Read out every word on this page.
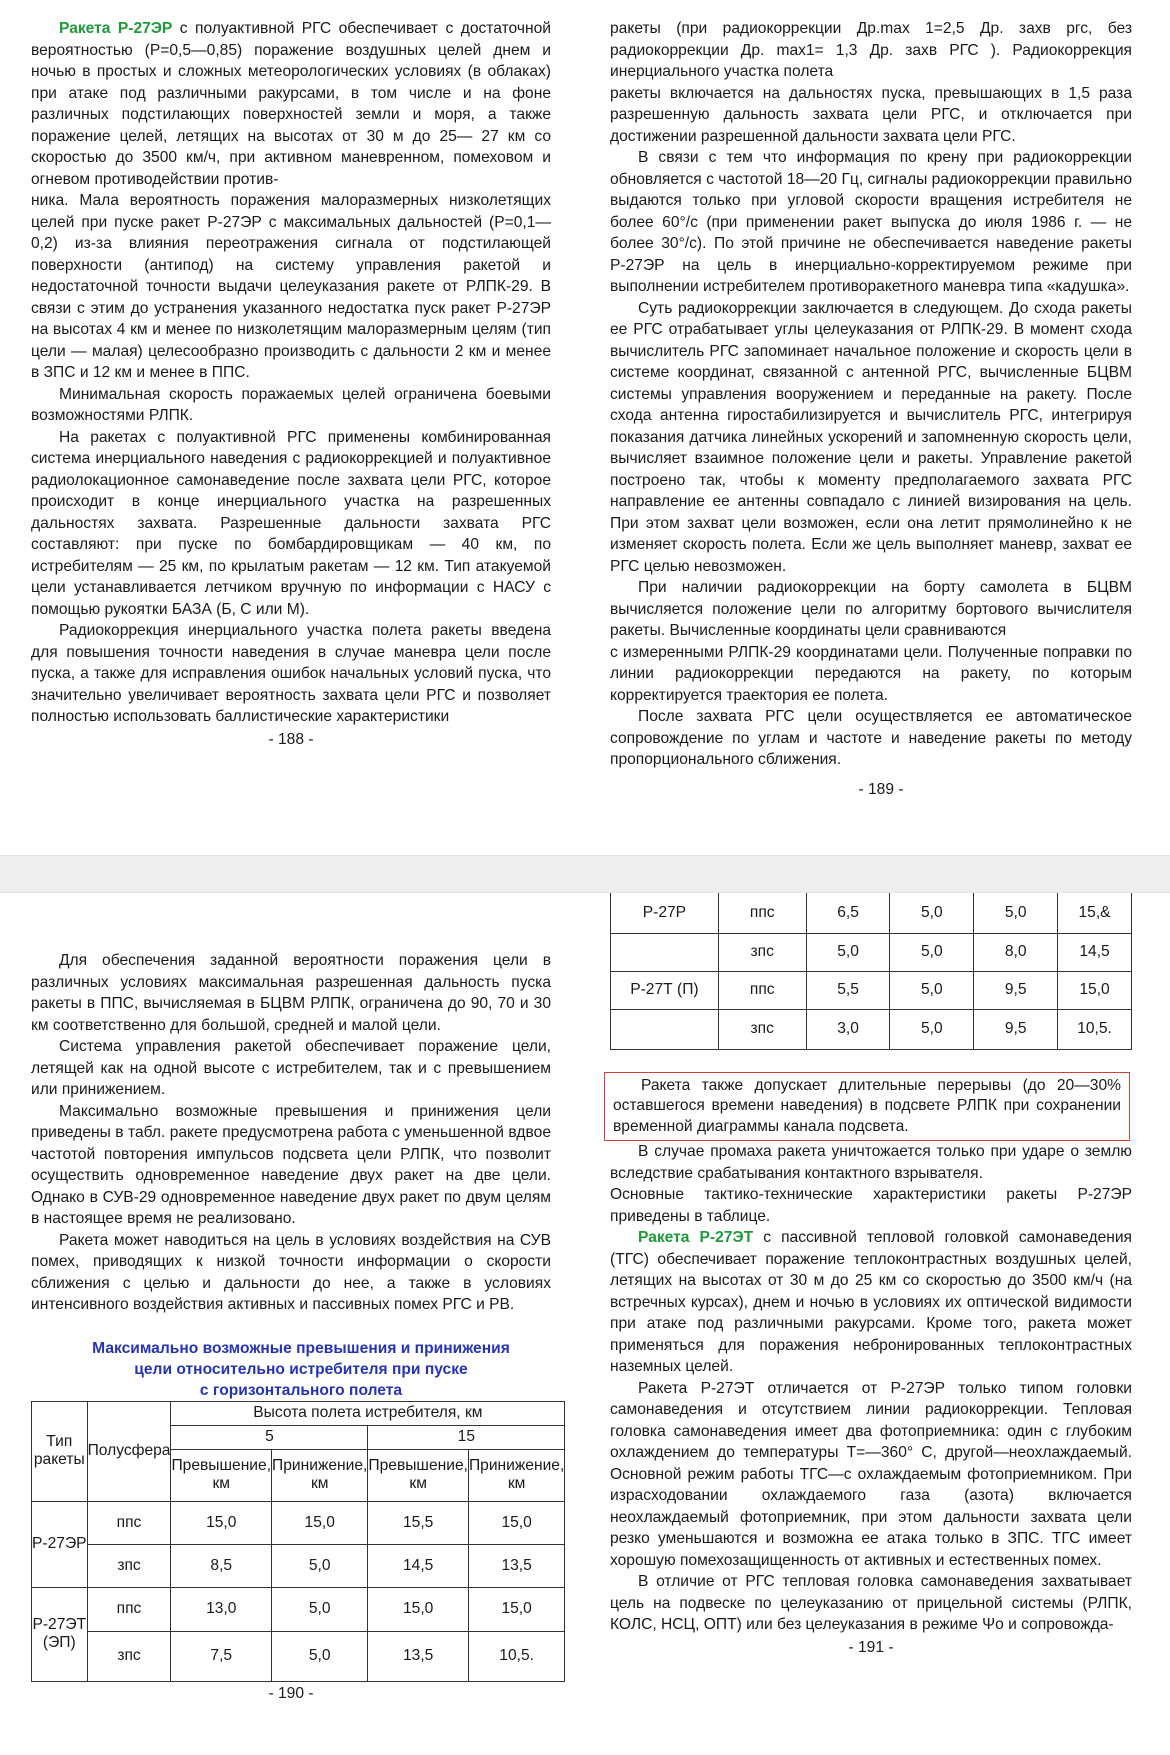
Ракета Р-27ЭР с полуактивной РГС обеспечивает с достаточной вероятностью (Р=0,5—0,85) поражение воздушных целей днем и ночью в простых и сложных метеорологических условиях (в облаках) при атаке под различными ракурсами, в том числе и на фоне различных подстилающих поверхностей земли и моря, а также поражение целей, летящих на высотах от 30 м до 25— 27 км со скоростью до 3500 км/ч, при активном маневренном, помеховом и огневом противодействии против-

ника. Мала вероятность поражения малоразмерных низколетящих целей при пуске ракет Р-27ЭР с максимальных дальностей (Р=0,1—0,2) из-за влияния переотражения сигнала от подстилающей поверхности (антипод) на систему управления ракетой и недостаточной точности выдачи целеуказания ракете от РЛПК-29. В связи с этим до устранения указанного недостатка пуск ракет Р-27ЭР на высотах 4 км и менее по низколетящим малоразмерным целям (тип цели — малая) целесообразно производить с дальности 2 км и менее в ЗПС и 12 км и менее в ППС.

Минимальная скорость поражаемых целей ограничена боевыми возможностями РЛПК.

На ракетах с полуактивной РГС применены комбинированная система инерциального наведения с радиокоррекцией и полуактивное радиолокационное самонаведение после захвата цели РГС, которое происходит в конце инерциального участка на разрешенных дальностях захвата. Разрешенные дальности захвата РГС составляют: при пуске по бомбардировщикам — 40 км, по истребителям — 25 км, по крылатым ракетам — 12 км. Тип атакуемой цели устанавливается летчиком вручную по информации с НАСУ с помощью рукоятки БАЗА (Б, С или М).

Радиокоррекция инерциального участка полета ракеты введена для повышения точности наведения в случае маневра цели после пуска, а также для исправления ошибок начальных условий пуска, что значительно увеличивает вероятность захвата цели РГС и позволяет полностью использовать баллистические характеристики

- 188 -

ракеты (при радиокоррекции Др.max 1=2,5 Др. захв ргс, без радиокоррекции Др. max1= 1,3 Др. захв РГС ). Радиокоррекция инерциального участка полета

ракеты включается на дальностях пуска, превышающих в 1,5 раза разрешенную дальность захвата цели РГС, и отключается при достижении разрешенной дальности захвата цели РГС.

В связи с тем что информация по крену при радиокоррекции обновляется с частотой 18—20 Гц, сигналы радиокоррекции правильно выдаются только при угловой скорости вращения истребителя не более 60°/с (при применении ракет выпуска до июля 1986 г. — не более 30°/с). По этой причине не обеспечивается наведение ракеты Р-27ЭР на цель в инерциально-корректируемом режиме при выполнении истребителем противоракетного маневра типа «кадушка».

Суть радиокоррекции заключается в следующем. До схода ракеты ее РГС отрабатывает углы целеуказания от РЛПК-29. В момент схода вычислитель РГС запоминает начальное положение и скорость цели в системе координат, связанной с антенной РГС, вычисленные БЦВМ системы управления вооружением и переданные на ракету. После схода антенна гиростабилизируется и вычислитель РГС, интегрируя показания датчика линейных ускорений и запомненную скорость цели, вычисляет взаимное положение цели и ракеты. Управление ракетой построено так, чтобы к моменту предполагаемого захвата РГС направление ее антенны совпадало с линией визирования на цель. При этом захват цели возможен, если она летит прямолинейно к не изменяет скорость полета. Если же цель выполняет маневр, захват ее РГС целью невозможен.

При наличии радиокоррекции на борту самолета в БЦВМ вычисляется положение цели по алгоритму бортового вычислителя ракеты. Вычисленные координаты цели сравниваются

с измеренными РЛПК-29 координатами цели. Полученные поправки по линии радиокоррекции передаются на ракету, по которым корректируется траектория ее полета.

После захвата РГС цели осуществляется ее автоматическое сопровождение по углам и частоте и наведение ракеты по методу пропорционального сближения.

- 189 -

Для обеспечения заданной вероятности поражения цели в различных условиях максимальная разрешенная дальность пуска ракеты в ППС, вычисляемая в БЦВМ РЛПК, ограничена до 90, 70 и 30 км соответственно для большой, средней и малой цели.

Система управления ракетой обеспечивает поражение цели, летящей как на одной высоте с истребителем, так и с превышением или принижением.

Максимально возможные превышения и принижения цели приведены в табл. ракете предусмотрена работа с уменьшенной вдвое частотой повторения импульсов подсвета цели РЛПК, что позволит осуществить одновременное наведение двух ракет на две цели. Однако в СУВ-29 одновременное наведение двух ракет по двум целям в настоящее время не реализовано.

Ракета может наводиться на цель в условиях воздействия на СУВ помех, приводящих к низкой точности информации о скорости сближения с целью и дальности до нее, а также в условиях интенсивного воздействия активных и пассивных помех РГС и РВ.

Максимально возможные превышения и принижения
цели относительно истребителя при пуске
с горизонтального полета
Тип ракеты	Полусфера	Высота полета истребителя, км			
		5		15	
		Превышение, км	Принижение, км	Превышение, км	Принижение, км
Р-27ЭР	ппс	15,0	15,0	15,5	15,0
	зпс	8,5	5,0	14,5	13,5
Р-27ЭТ (ЭП)	ппс	13,0	5,0	15,0	15,0
	зпс	7,5	5,0	13,5	10,5.
- 190 -
Р-27Р	ппс	6,5	5,0	5,0	15,&
	зпс	5,0	5,0	8,0	14,5
Р-27Т (П)	ппс	5,5	5,0	9,5	15,0
	зпс	3,0	5,0	9,5	10,5.

Ракета также допускает длительные перерывы (до 20—30% оставшегося времени наведения) в подсвете РЛПК при сохранении временной диаграммы канала подсвета.

В случае промаха ракета уничтожается только при ударе о землю вследствие срабатывания контактного взрывателя.

Основные тактико-технические характеристики ракеты Р-27ЭР приведены в таблице.

Ракета Р-27ЭТ с пассивной тепловой головкой самонаведения (ТГС) обеспечивает поражение теплоконтрастных воздушных целей, летящих на высотах от 30 м до 25 км со скоростью до 3500 км/ч (на встречных курсах), днем и ночью в условиях их оптической видимости при атаке под различными ракурсами. Кроме того, ракета может применяться для поражения небронированных теплоконтрастных наземных целей.

Ракета Р-27ЭТ отличается от Р-27ЭР только типом головки самонаведения и отсутствием линии радиокоррекции. Тепловая головка самонаведения имеет два фотоприемника: один с глубоким охлаждением до температуры Т=—360° С, другой—неохлаждаемый. Основной режим работы ТГС—с охлаждаемым фотоприемником. При израсходовании охлаждаемого газа (азота) включается неохлаждаемый фотоприемник, при этом дальности захвата цели резко уменьшаются и возможна ее атака только в ЗПС. ТГС имеет хорошую помехозащищенность от активных и естественных помех.

В отличие от РГС тепловая головка самонаведения захватывает цель на подвеске по целеуказанию от прицельной системы (РЛПК, КОЛС, НСЦ, ОПТ) или без целеуказания в режиме Ψо и сопровожда-

- 191 -
